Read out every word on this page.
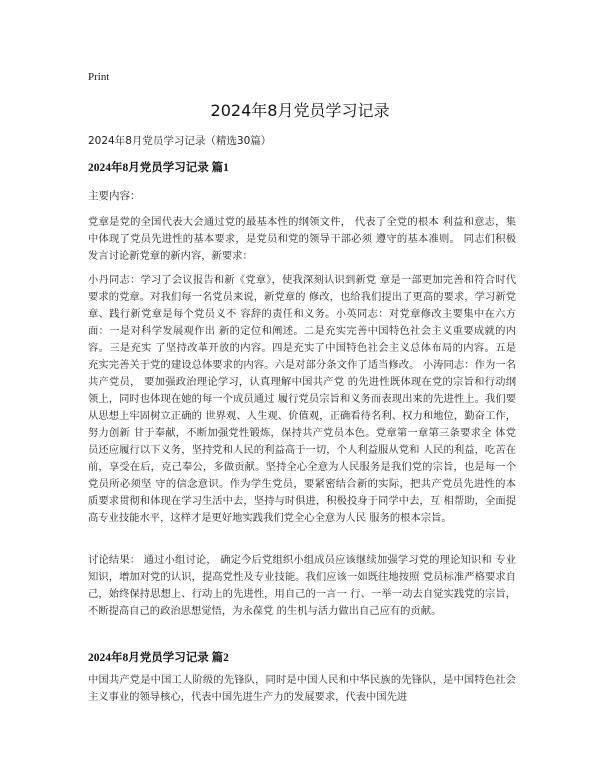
Print
2024年8月党员学习记录
2024年8月党员学习记录（精选30篇）
2024年8月党员学习记录 篇1
主要内容：
党章是党的全国代表大会通过党的最基本性的纲领文件， 代表了全党的根本 利益和意志，集中体现了党员先进性的基本要求，是党员和党的领导干部必须 遵守的基本准则。 同志们积极发言讨论新党章的新内容，新要求：
小丹同志：学习了会议报告和新《党章》，使我深刻认识到新党 章是一部更加完善和符合时代要求的党章。对我们每一名党员来说，新党章的 修改，也给我们提出了更高的要求，学习新党章、践行新党章是每个党员义不 容辞的责任和义务。小英同志：对党章修改主要集中在六方面：一是对科学发展观作出 新的定位和阐述。二是充实完善中国特色社会主义重要成就的内容。三是充实 了坚持改革开放的内容。四是充实了中国特色社会主义总体布局的内容。五是 充实完善关于党的建设总体要求的内容。六是对部分条文作了适当修改。 小涛同志：作为一名共产党员， 要加强政治理论学习，认真理解中国共产党 的先进性既体现在党的宗旨和行动纲领上，同时也体现在她的每一个成员通过 履行党员宗旨和义务而表现出来的先进性上。我们要从思想上牢固树立正确的 世界观、人生观、价值观，正确看待名利、权力和地位，勤奋工作，努力创新 甘于奉献，不断加强党性锻炼，保持共产党员本色。党章第一章第三条要求全 体党员还应履行以下义务，坚持党和人民的利益高于一切，个人利益服从党和 人民的利益，吃苦在前，享受在后，克己奉公，多做贡献。坚持全心全意为人民服务是我们党的宗旨，也是每一个党员所必须坚 守的信念意识。作为学生党员，要紧密结合新的实际，把共产党员先进性的本 质要求贯彻和体现在学习生活中去，坚持与时俱进，积极投身于同学中去，互 相帮助，全面提高专业技能水平，这样才是更好地实践我们党全心全意为人民 服务的根本宗旨。
讨论结果： 通过小组讨论， 确定今后党组织小组成员应该继续加强学习党的理论知识和 专业知识，增加对党的认识，提高党性及专业技能。我们应该一如既往地按照 党员标准严格要求自己，始终保持思想上、行动上的先进性，用自己的一言一 行、一举一动去自觉实践党的宗旨，不断提高自己的政治思想觉悟，为永葆党 的生机与活力做出自己应有的贡献。
2024年8月党员学习记录 篇2
中国共产党是中国工人阶级的先锋队，同时是中国人民和中华民族的先锋队，是中国特色社会主义事业的领导核心，代表中国先进生产力的发展要求，代表中国先进
